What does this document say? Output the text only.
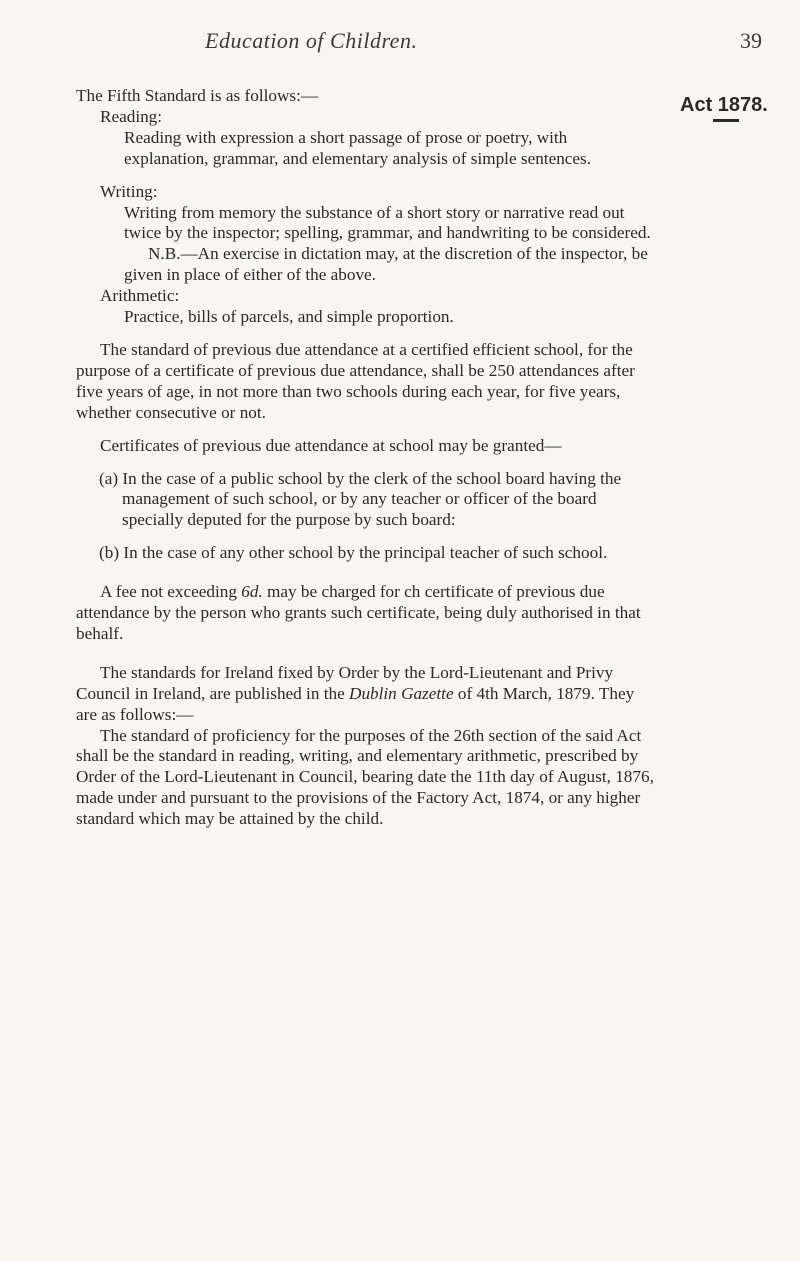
Education of Children.	39
Act 1878.

The Fifth Standard is as follows:—

Reading:

Reading with expression a short passage of prose or poetry, with explanation, grammar, and elementary analysis of simple sentences.

Writing:

Writing from memory the substance of a short story or narrative read out twice by the inspector; spelling, grammar, and handwriting to be considered.

N.B.—An exercise in dictation may, at the discretion of the inspector, be given in place of either of the above.

Arithmetic:

Practice, bills of parcels, and simple proportion.

The standard of previous due attendance at a certified efficient school, for the purpose of a certificate of previous due attendance, shall be 250 attendances after five years of age, in not more than two schools during each year, for five years, whether consecutive or not.

Certificates of previous due attendance at school may be granted—

(a) In the case of a public school by the clerk of the school board having the management of such school, or by any teacher or officer of the board specially deputed for the purpose by such board:

(b) In the case of any other school by the principal teacher of such school.

A fee not exceeding 6d. may be charged for ch certificate of previous due attendance by the person who grants such certificate, being duly authorised in that behalf.

The standards for Ireland fixed by Order by the Lord-Lieutenant and Privy Council in Ireland, are published in the Dublin Gazette of 4th March, 1879. They are as follows:—

The standard of proficiency for the purposes of the 26th section of the said Act shall be the standard in reading, writing, and elementary arithmetic, prescribed by Order of the Lord-Lieutenant in Council, bearing date the 11th day of August, 1876, made under and pursuant to the provisions of the Factory Act, 1874, or any higher standard which may be attained by the child.
